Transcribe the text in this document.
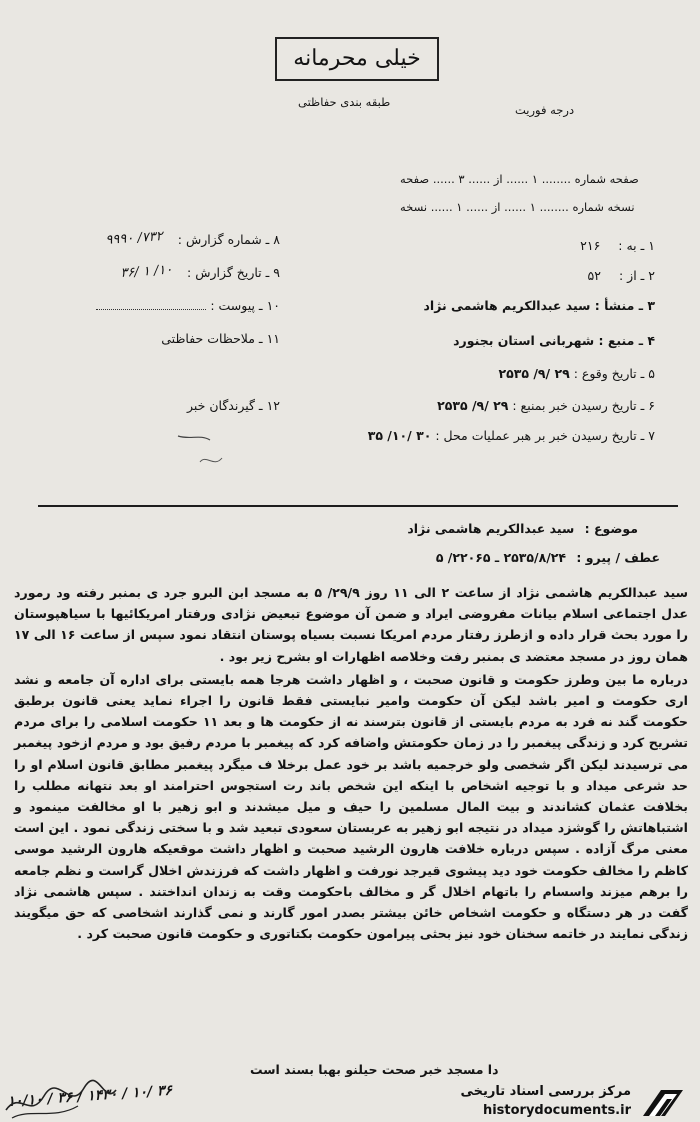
خیلی محرمانه
طبقه بندی حفاظتی
درجه فوریت
صفحه شماره ........ ۱ ...... از ...... ۳ ...... صفحه
نسخه شماره ........ ۱ ...... از ...... ۱ ...... نسخه
۱ ـ به : ۲۱۶
۲ ـ از : ۵۲
۳ ـ منشأ : سید عبدالکریم هاشمی نژاد
۴ ـ منبع : شهربانی استان بجنورد
۵ ـ تاریخ وقوع : ۲۹ /۹/ ۲۵۳۵
۶ ـ تاریخ رسیدن خبر بمنبع : ۲۹ /۹/ ۲۵۳۵
۷ ـ تاریخ رسیدن خبر بر هبر عملیات محل : ۳۰ /۱۰/ ۳۵
۸ ـ شماره گزارش : ۷۳۲/ ۹۹۹۰
۹ ـ تاریخ گزارش : ۱۰/ ۱ /۳۶
۱۰ ـ پیوست :
۱۱ ـ ملاحظات حفاظتی
۱۲ ـ گیرندگان خبر
موضوع : سید عبدالکریم هاشمی نژاد
عطف / پیرو : ۲۵۳۵/۸/۲۴ ـ ۲۲۰۶۵/ ۵

سید عبدالکریم هاشمی نژاد از ساعت ۲ الی ۱۱ روز ۲۹/۹/ ۵ به مسجد ابن البرو جرد ی بمنبر رفته ود رمورد عدل اجتماعی اسلام بیانات مفروضی ایراد و ضمن آن موضوع تبعیض نژادی ورفتار امریکائیها با سیاهپوستان را مورد بحث قرار داده و ازطرز رفتار مردم امریکا نسبت بسیاه پوستان انتقاد نمود سپس از ساعت ۱۶ الی ۱۷ همان روز در مسجد معتضد ی بمنبر رفت وخلاصه اظهارات او بشرح زیر بود .

درباره ما بین وطرز حکومت و قانون صحبت ، و اظهار داشت هرجا همه بایستی برای اداره آن جامعه و نشد اری حکومت و امیر باشد لیکن آن حکومت وامیر نبایستی فقط قانون را اجراء نماید یعنی قانون برطبق حکومت گند نه فرد به مردم بایستی از قانون بترسند نه از حکومت ها و بعد ۱۱ حکومت اسلامی را برای مردم تشریح کرد و زندگی پیغمبر را در زمان حکومتش واضافه کرد که پیغمبر با مردم رفیق بود و مردم ازخود پیغمبر می ترسیدند لیکن اگر شخصی ولو خرجمیه باشد بر خود عمل برخلا ف میگرد پیغمبر مطابق قانون اسلام او را حد شرعی میداد و با توجیه اشخاص با اینکه این شخص باند رت استجوس احترامند او بعد نتهانه مطلب را بخلافت عثمان کشاندند و بیت المال مسلمین را حیف و میل میشدند و ابو زهیر با او مخالفت مینمود و اشتباهاتش را گوشزد میداد در نتیجه ابو زهیر به عربستان سعودی تبعید شد و با سختی زندگی نمود . این است معنی مرگ آزاده . سپس درباره خلافت هارون الرشید صحبت و اظهار داشت موقعیکه هارون الرشید موسی کاظم را مخالف حکومت خود دید پیشوی قیرجد نورفت و اظهار داشت که فرزندش اخلال گراست و نظم جامعه را برهم میزند واسسام را باتهام اخلال گر و مخالف باحکومت وقت به زندان انداختند . سپس هاشمی نژاد گفت در هر دستگاه و حکومت اشخاص خائن بیشتر بصدر امور گارند و نمی گذارند اشخاصی که حق میگویند زندگی نمایند در خاتمه سخنان خود نیز بحثی پیرامون حکومت بکتاتوری و حکومت قانون صحبت کرد .

دا مسجد خبر صحت حیلنو بهبا بسند است
۱۰/۱۰ / ۳۶ / ۱۴۳۰ / ۱۰/ ۳۶	مرکز بررسی اسناد تاریخی
historydocuments.ir
